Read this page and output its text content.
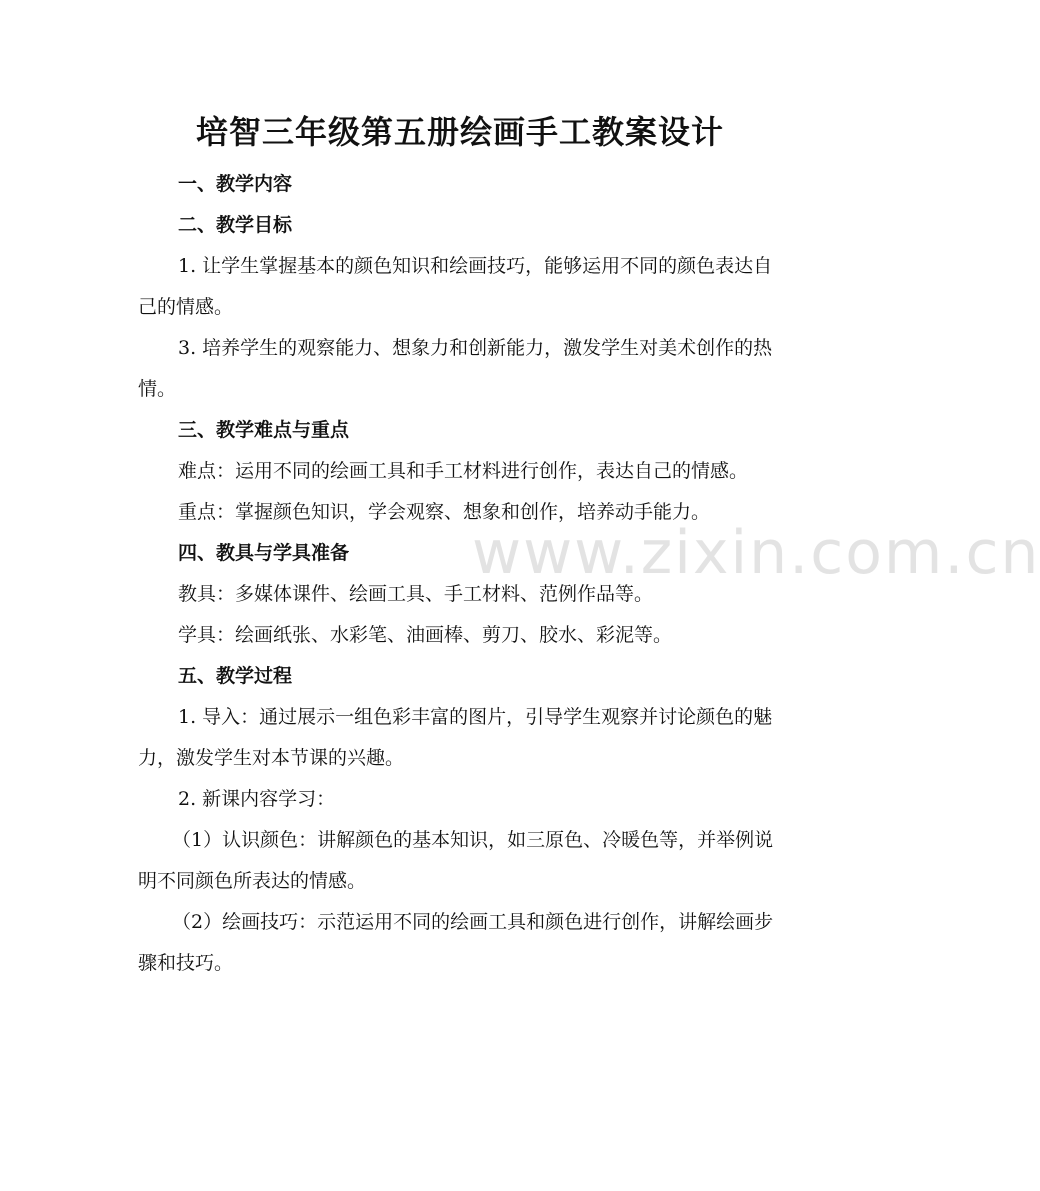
www.zixin.com.cn
培智三年级第五册绘画手工教案设计

一、教学内容

二、教学目标

1. 让学生掌握基本的颜色知识和绘画技巧，能够运用不同的颜色表达自己的情感。

3. 培养学生的观察能力、想象力和创新能力，激发学生对美术创作的热情。

三、教学难点与重点

难点：运用不同的绘画工具和手工材料进行创作，表达自己的情感。

重点：掌握颜色知识，学会观察、想象和创作，培养动手能力。

四、教具与学具准备

教具：多媒体课件、绘画工具、手工材料、范例作品等。

学具：绘画纸张、水彩笔、油画棒、剪刀、胶水、彩泥等。

五、教学过程

1. 导入：通过展示一组色彩丰富的图片，引导学生观察并讨论颜色的魅力，激发学生对本节课的兴趣。

2. 新课内容学习：

（1）认识颜色：讲解颜色的基本知识，如三原色、冷暖色等，并举例说明不同颜色所表达的情感。

（2）绘画技巧：示范运用不同的绘画工具和颜色进行创作，讲解绘画步骤和技巧。
